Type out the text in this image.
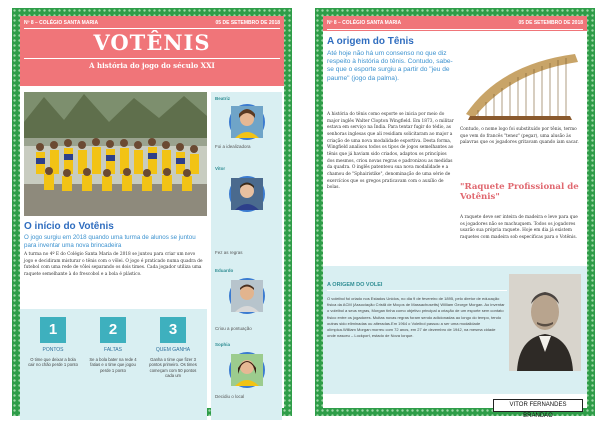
Nº 8 – COLÉGIO SANTA MARIA	05 DE SETEMBRO DE 2018
VOTÊNIS
A história do jogo do século XXI
O início do Votênis
O jogo surgiu em 2018 quando uma turma de alunos se juntou para inventar uma nova brincadeira
A turma no 4º E do Colégio Santa Maria de 2018 se juntou para criar um novo jogo e decidiram misturar o tênis com o vôlei. O jogo é praticado numa quadra de futebol com uma rede de vôlei separando os dois times. Cada jogador utiliza uma raquete semelhante à do frescobol e a bola é plástico.
Beatriz
Foi a idealizadora
Vitor
Fez as regras
Eduardo
Criou a pontuação
Sophia
Decidiu o local
1
PONTOS
O time que deixar a bola cair no chão perde 1 ponto
2
FALTAS
Se a bola bater na rede 4 fatias e o time que jogou perde 1 ponto
3
QUEM GANHA
Ganha o time que fizer 3 pontos primeiro. Os times começam com 50 pontos cada um
Nº 8 – COLÉGIO SANTA MARIA	05 DE SETEMBRO DE 2018
A origem do Tênis
Até hoje não há um consenso no que diz respeito à história do tênis. Contudo, sabe-se que o esporte surgiu a partir do "jeu de paume" (jogo da palma).
A história do tênis como esporte se inicia por meio do major inglês Walter Clopton Wingfield. Em 1873, o militar estava em serviço na Índia. Para tentar fugir do tédio, as senhoras inglesas que ali residiam solicitaram ao major a criação de uma nova modalidade esportiva. Desta forma, Wingfield analisou todos os tipos de jogos semelhantes ao tênis que já haviam sido criados, adaptou os princípios dos mesmos, criou novas regras e padronizou as medidas da quadra. O inglês patenteou sua nova modalidade e a chamou de "Sphairistike", denominação de uma série de exercícios que os gregos praticavam com o auxílio de bolas.
Contudo, o nome logo foi substituído por tênis, termo que vem do francês "tenez" (pegar), uma alusão às palavras que os jogadores gritavam quando iam sacar.
"Raquete Profissional de Votênis"
A raquete deve ser inteira de madeira e leve para que os jogadores não se machuquem. Todos os jogadores usarão sua própria raquete. Hoje em dia já existem raquetes com madeira sob especificas para o Votênis.
A ORIGEM DO VOLEI
O voleibol foi criado nos Estados Unidos, no dia 9 de fevereiro de 1895, pelo diretor de educação física da ACM (Associação Cristã de Moços de Massachusetts) William George Morgan. Ao inventar o voleibol a seus regras, Morgan tinha como objetivo principal a criação de um esporte sem contato físico entre os jogadores. Muitas novas regras foram sendo adicionadas ao longo do tempo, tendo outras sido eliminadas ou alteradas.Em 1964 o Voleibol passou a ser uma modalidade olímpica.William Morgan morreu com 72 anos, em 27 de dezembro de 1942, na mesma cidade onde nasceu – Lockport, estado de Nova Iorque.
VITOR FERNANDES BRANDÃO
